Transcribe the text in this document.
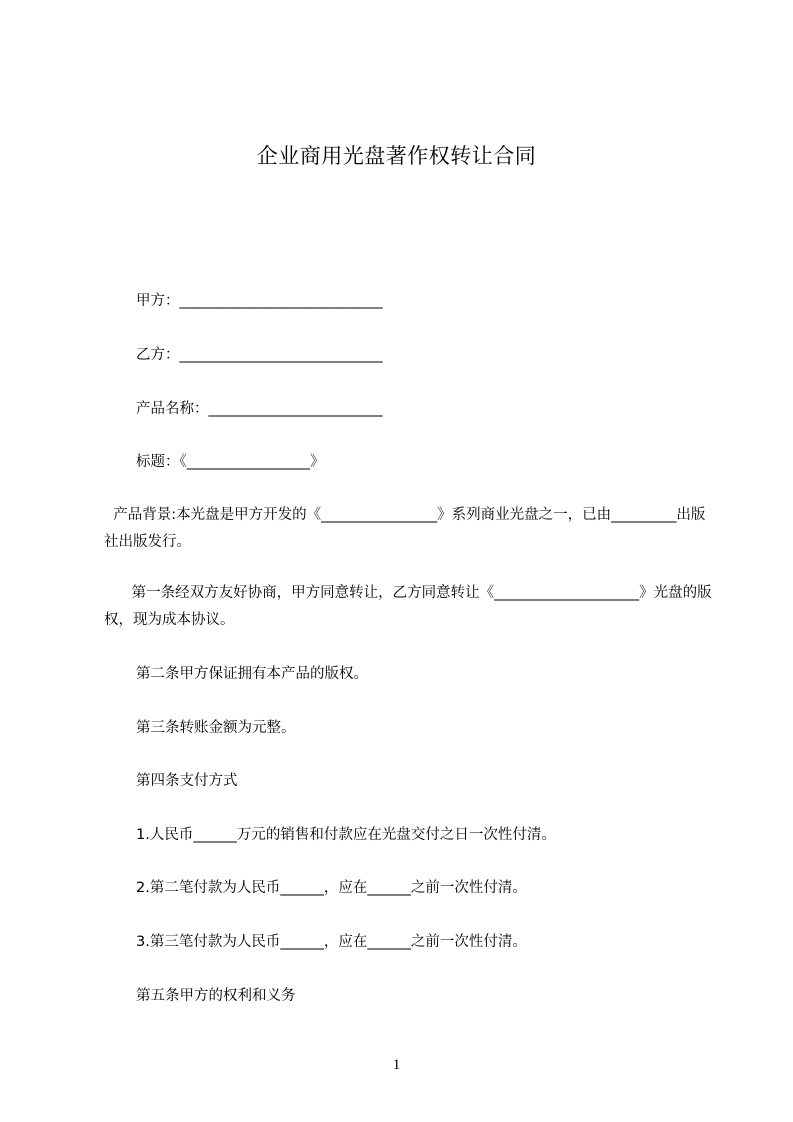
企业商用光盘著作权转让合同
甲方：____________________________
乙方：____________________________
产品名称：________________________
标题：《_________________》
产品背景:本光盘是甲方开发的《________________》系列商业光盘之一，已由_________出版社出版发行。
第一条经双方友好协商，甲方同意转让，乙方同意转让《____________________》光盘的版权，现为成本协议。
第二条甲方保证拥有本产品的版权。
第三条转账金额为元整。
第四条支付方式
1.人民币______万元的销售和付款应在光盘交付之日一次性付清。
2.第二笔付款为人民币______，应在______之前一次性付清。
3.第三笔付款为人民币______，应在______之前一次性付清。
第五条甲方的权利和义务
1
